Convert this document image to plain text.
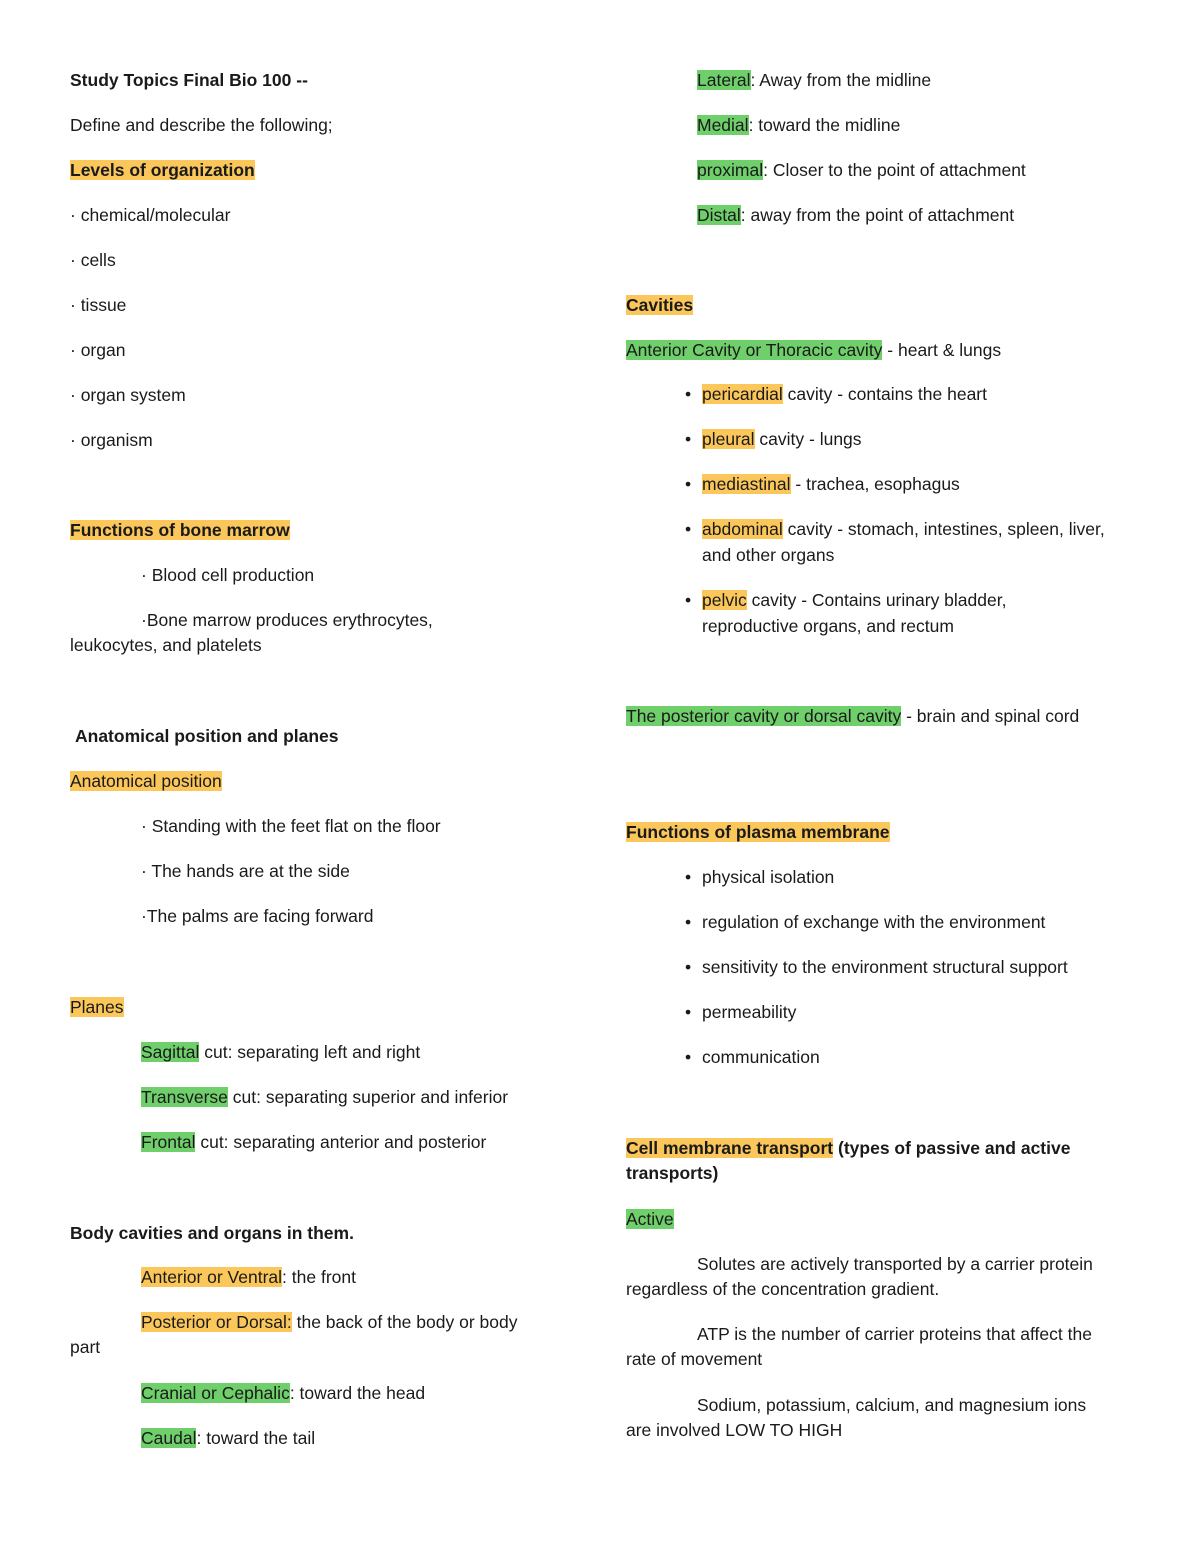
Study Topics Final Bio 100 --
Define and describe the following;
Levels of organization
· chemical/molecular
· cells
· tissue
· organ
· organ system
· organism
Functions of bone marrow
· Blood cell production
·Bone marrow produces erythrocytes,
leukocytes, and platelets
Anatomical position and planes
Anatomical position
· Standing with the feet flat on the floor
· The hands are at the side
·The palms are facing forward
Planes
Sagittal cut: separating left and right
Transverse cut: separating superior and inferior
Frontal cut: separating anterior and posterior
Body cavities and organs in them.
Anterior or Ventral: the front
Posterior or Dorsal: the back of the body or body
part
Cranial or Cephalic: toward the head
Caudal: toward the tail
Lateral: Away from the midline
Medial: toward the midline
proximal: Closer to the point of attachment
Distal: away from the point of attachment
Cavities
Anterior Cavity or Thoracic cavity - heart & lungs
• pericardial cavity - contains the heart
• pleural cavity - lungs
• mediastinal - trachea, esophagus
• abdominal cavity - stomach, intestines, spleen, liver, and other organs
• pelvic cavity - Contains urinary bladder, reproductive organs, and rectum
The posterior cavity or dorsal cavity - brain and spinal cord
Functions of plasma membrane
• physical isolation
• regulation of exchange with the environment
• sensitivity to the environment structural support
• permeability
• communication
Cell membrane transport (types of passive and active transports)
Active
Solutes are actively transported by a carrier protein regardless of the concentration gradient.
ATP is the number of carrier proteins that affect the rate of movement
Sodium, potassium, calcium, and magnesium ions are involved LOW TO HIGH
